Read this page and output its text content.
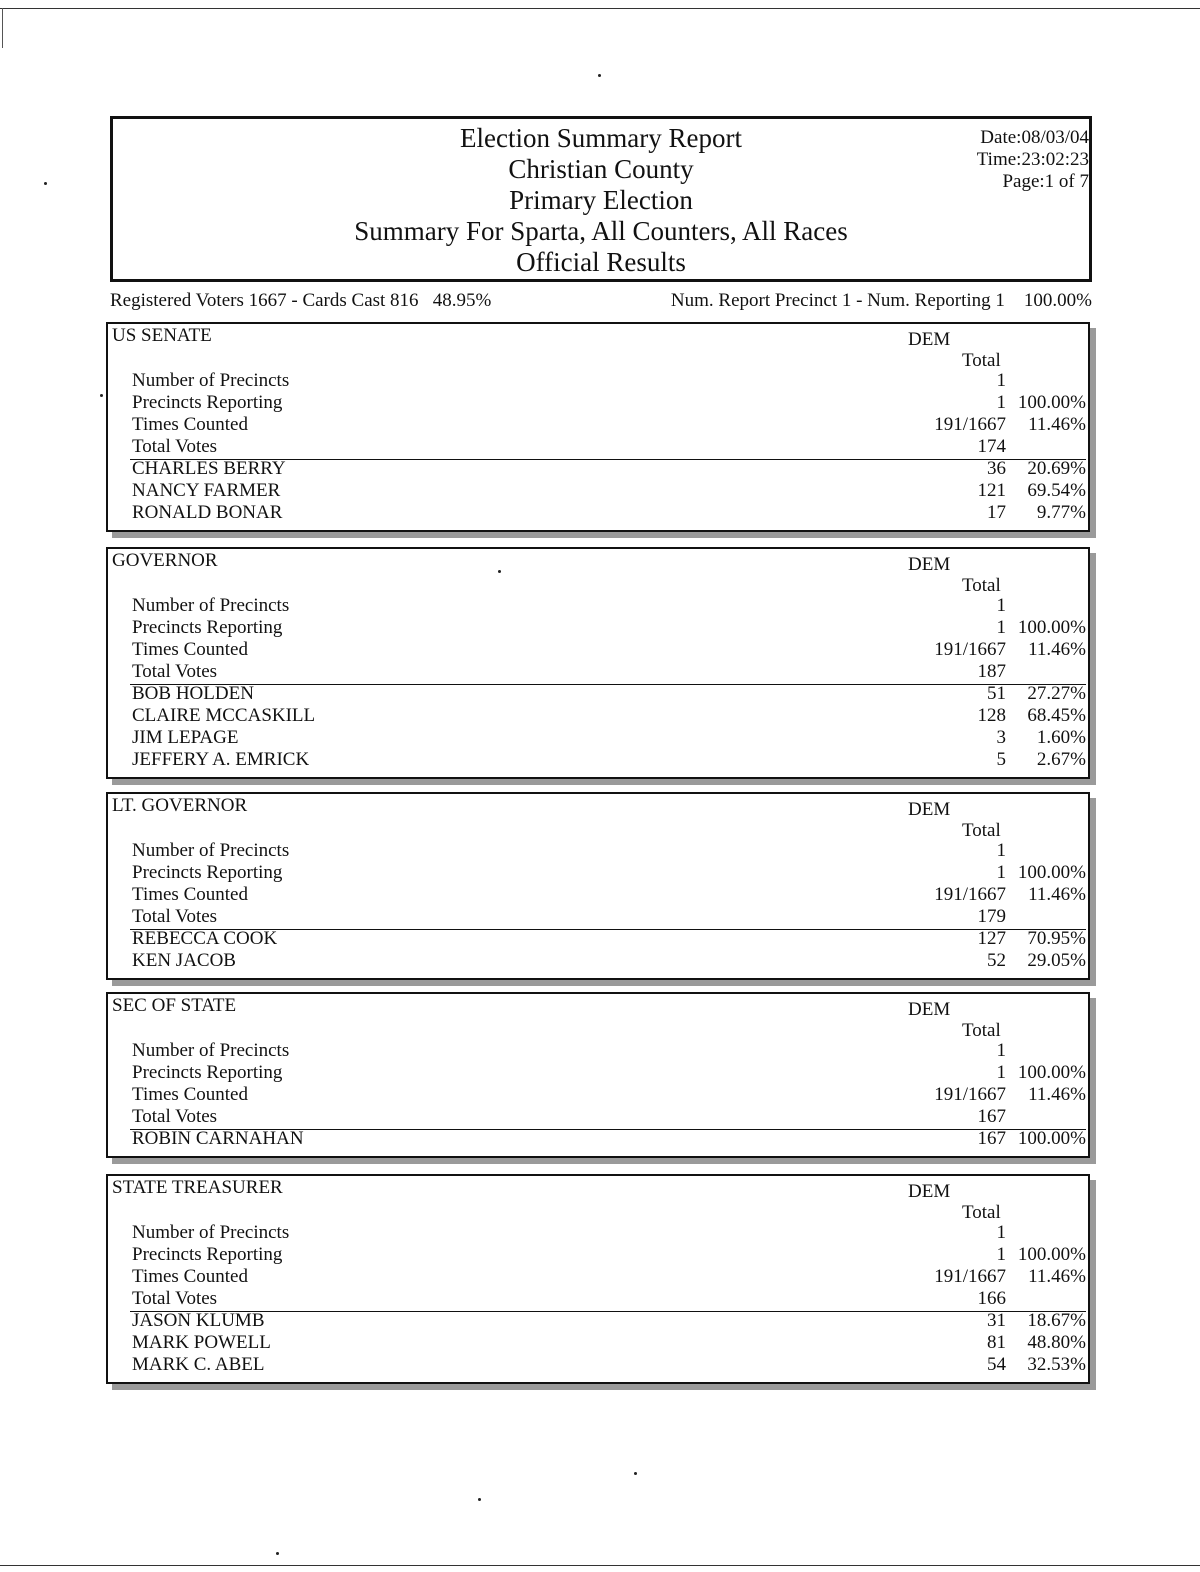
Election Summary Report
Christian County
Primary Election
Summary For Sparta, All Counters, All Races
Official Results
Date:08/03/04
Time:23:02:23
Page:1 of 7
Registered Voters 1667 - Cards Cast 816   48.95%	Num. Report Precinct 1 - Num. Reporting 1    100.00%
US SENATE	DEM
Total
Number of Precincts	1
Precincts Reporting	1 100.00%
Times Counted	191/1667 11.46%
Total Votes	174
CHARLES BERRY	36 20.69%
NANCY FARMER	121 69.54%
RONALD BONAR	17 9.77%
GOVERNOR	DEM
Total
Number of Precincts	1
Precincts Reporting	1 100.00%
Times Counted	191/1667 11.46%
Total Votes	187
BOB HOLDEN	51 27.27%
CLAIRE MCCASKILL	128 68.45%
JIM LEPAGE	3 1.60%
JEFFERY A. EMRICK	5 2.67%
LT. GOVERNOR	DEM
Total
Number of Precincts	1
Precincts Reporting	1 100.00%
Times Counted	191/1667 11.46%
Total Votes	179
REBECCA COOK	127 70.95%
KEN JACOB	52 29.05%
SEC OF STATE	DEM
Total
Number of Precincts	1
Precincts Reporting	1 100.00%
Times Counted	191/1667 11.46%
Total Votes	167
ROBIN CARNAHAN	167 100.00%
STATE TREASURER	DEM
Total
Number of Precincts	1
Precincts Reporting	1 100.00%
Times Counted	191/1667 11.46%
Total Votes	166
JASON KLUMB	31 18.67%
MARK POWELL	81 48.80%
MARK C. ABEL	54 32.53%
